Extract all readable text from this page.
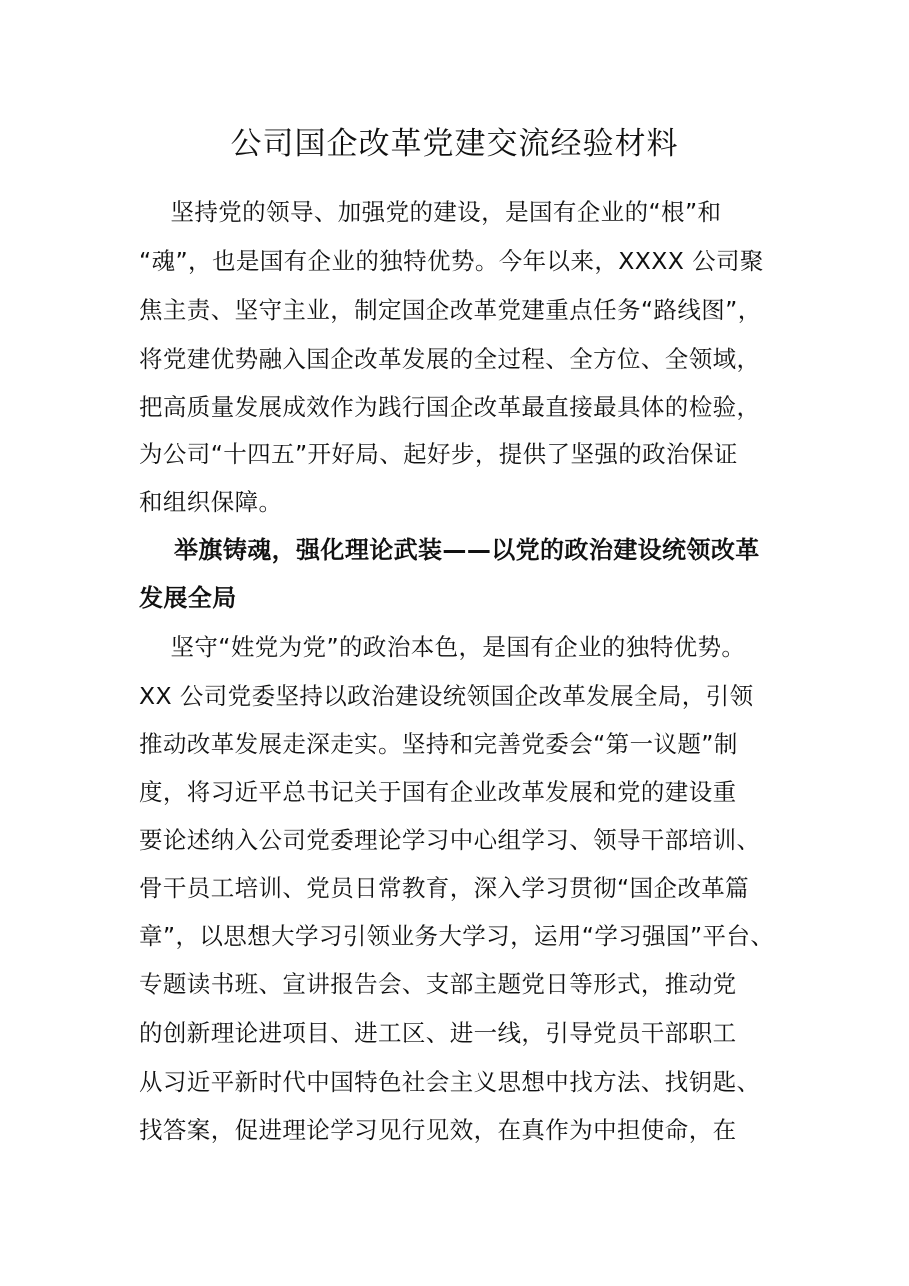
公司国企改革党建交流经验材料
坚持党的领导、加强党的建设，是国有企业的“根”和
“魂”，也是国有企业的独特优势。今年以来，XXXX 公司聚
焦主责、坚守主业，制定国企改革党建重点任务“路线图”，
将党建优势融入国企改革发展的全过程、全方位、全领域，
把高质量发展成效作为践行国企改革最直接最具体的检验，
为公司“十四五”开好局、起好步，提供了坚强的政治保证
和组织保障。
举旗铸魂，强化理论武装——以党的政治建设统领改革
发展全局
坚守“姓党为党”的政治本色，是国有企业的独特优势。
XX 公司党委坚持以政治建设统领国企改革发展全局，引领
推动改革发展走深走实。坚持和完善党委会“第一议题”制
度，将习近平总书记关于国有企业改革发展和党的建设重
要论述纳入公司党委理论学习中心组学习、领导干部培训、
骨干员工培训、党员日常教育，深入学习贯彻“国企改革篇
章”，以思想大学习引领业务大学习，运用“学习强国”平台、
专题读书班、宣讲报告会、支部主题党日等形式，推动党
的创新理论进项目、进工区、进一线，引导党员干部职工
从习近平新时代中国特色社会主义思想中找方法、找钥匙、
找答案，促进理论学习见行见效，在真作为中担使命，在
